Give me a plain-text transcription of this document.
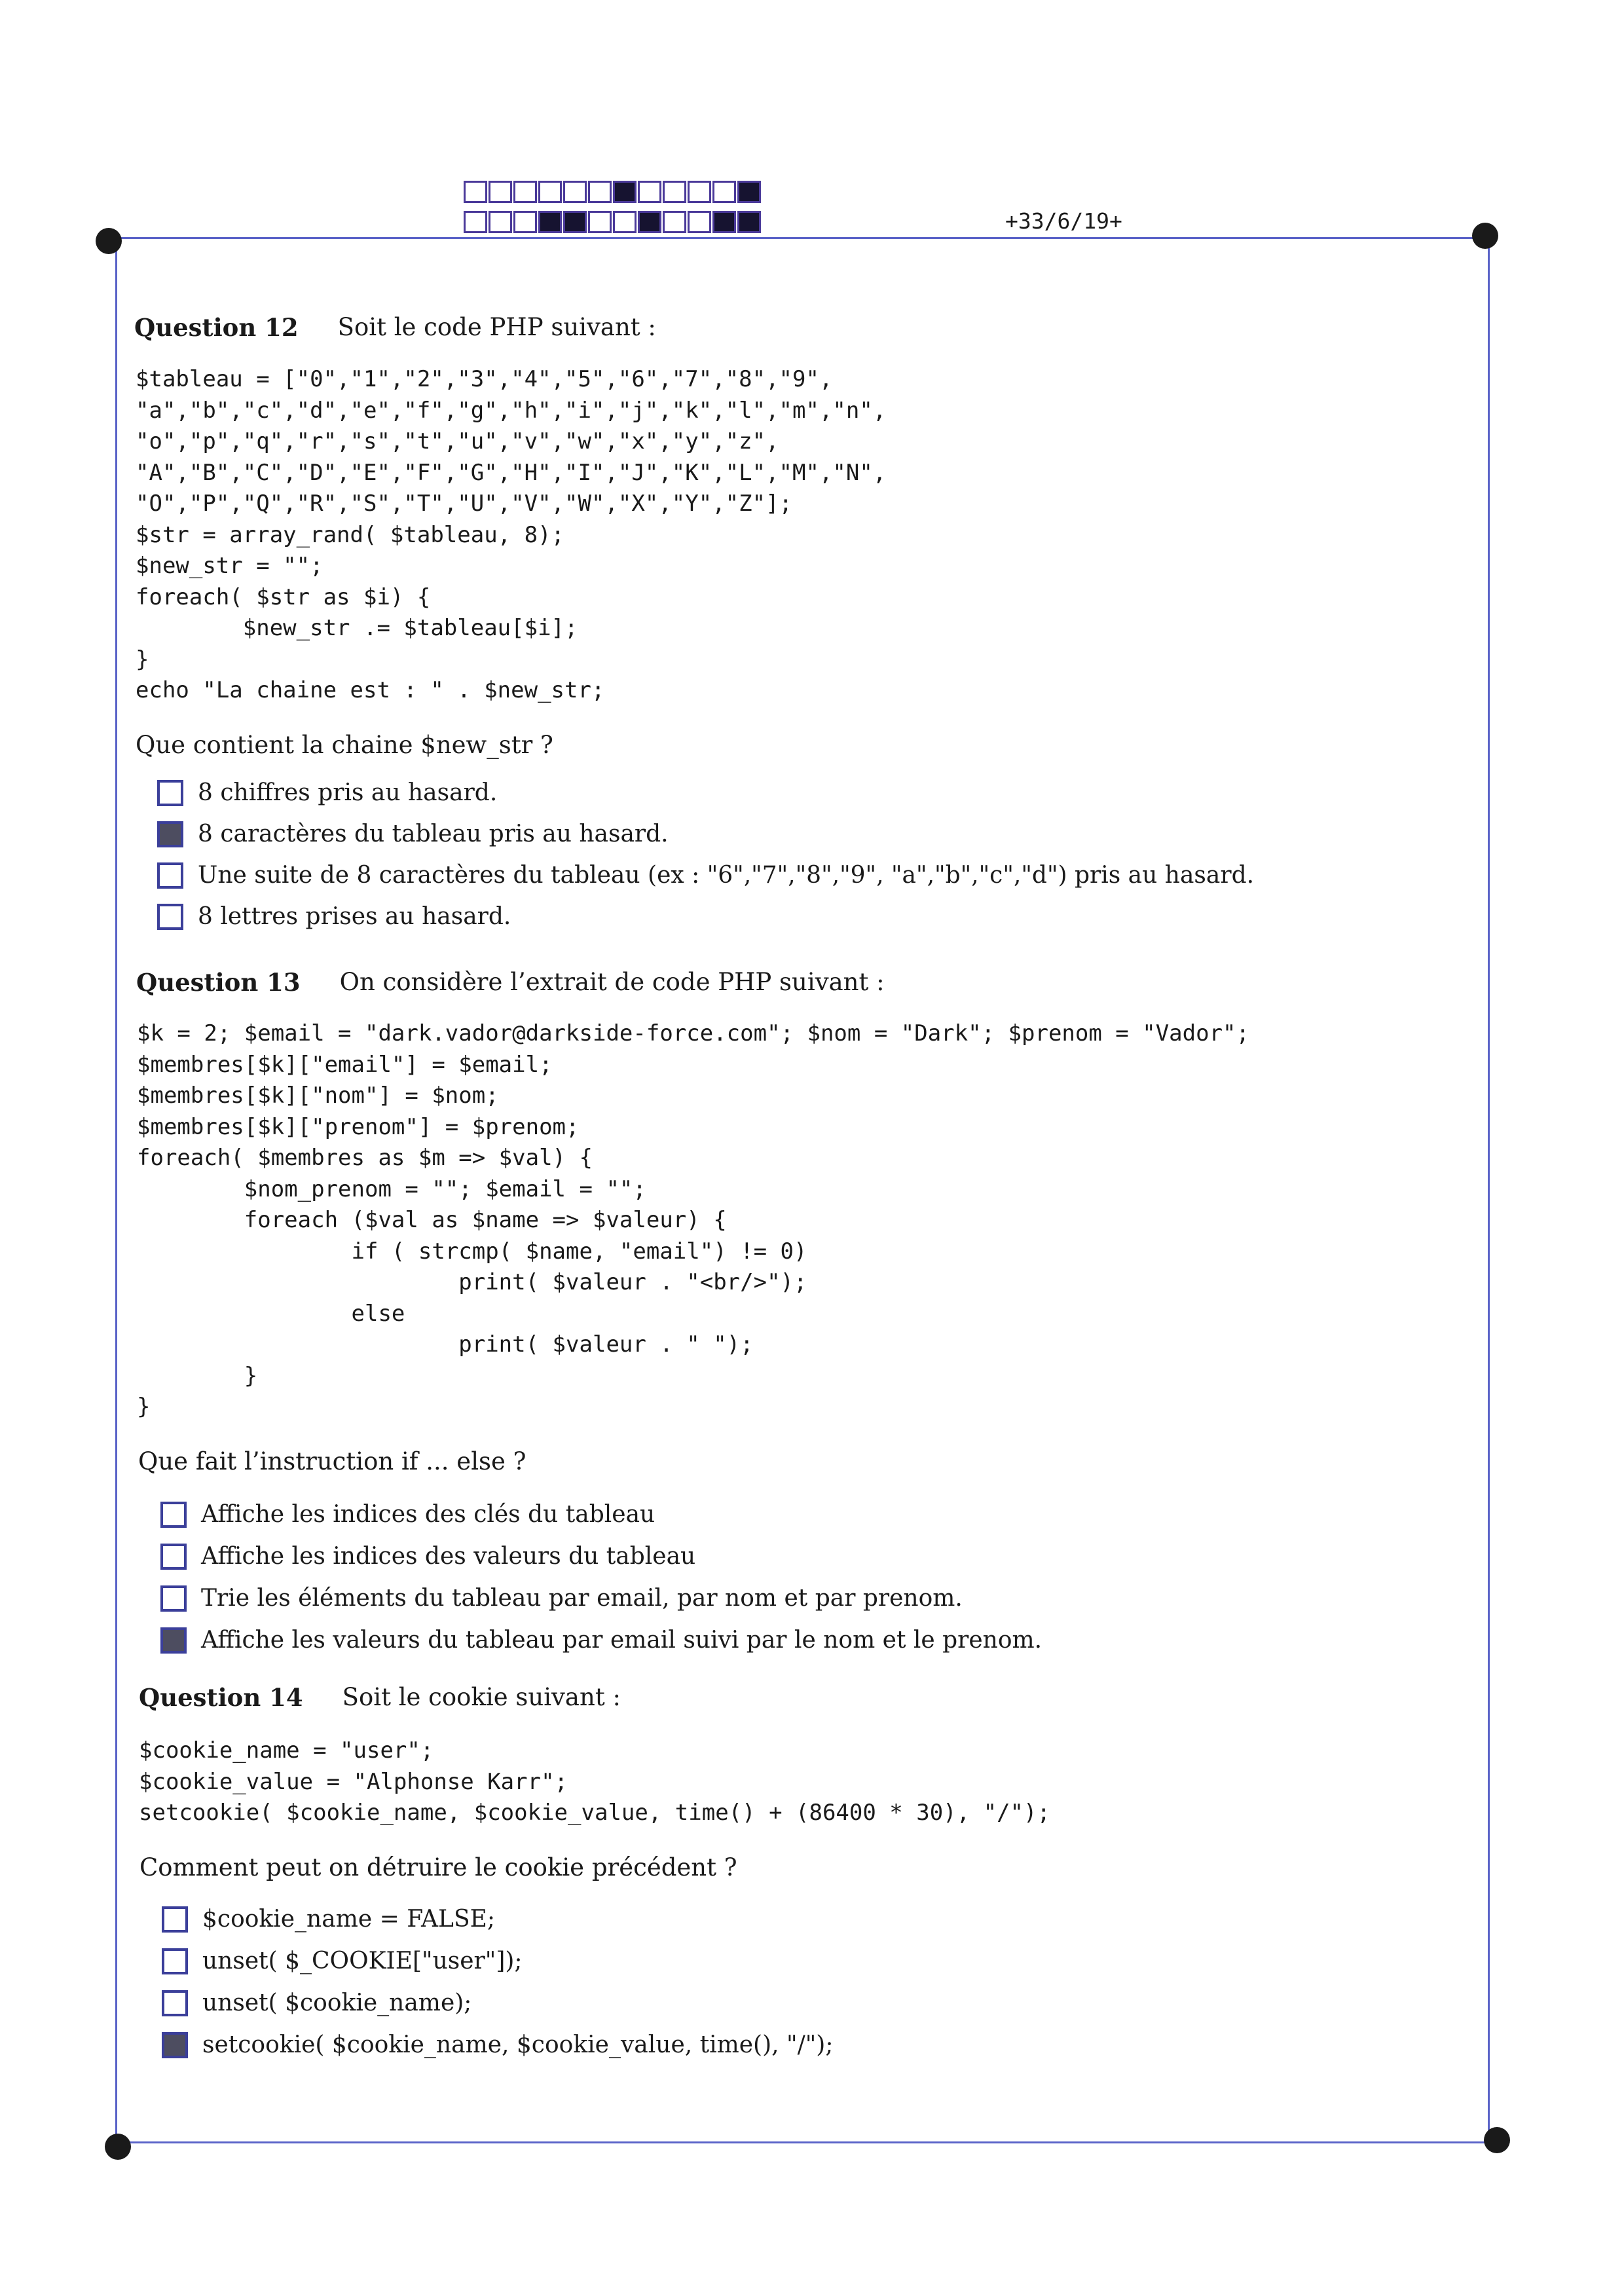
+33/6/19+
Question 12 Soit le code PHP suivant :
$tableau = ["0","1","2","3","4","5","6","7","8","9",
"a","b","c","d","e","f","g","h","i","j","k","l","m","n",
"o","p","q","r","s","t","u","v","w","x","y","z",
"A","B","C","D","E","F","G","H","I","J","K","L","M","N",
"O","P","Q","R","S","T","U","V","W","X","Y","Z"];
$str = array_rand( $tableau, 8);
$new_str = "";
foreach( $str as $i) {
$new_str .= $tableau[$i];
}
echo "La chaine est : " . $new_str;
Que contient la chaine $new_str ?
8 chiffres pris au hasard.
8 caractères du tableau pris au hasard.
Une suite de 8 caractères du tableau (ex : "6","7","8","9", "a","b","c","d") pris au hasard.
8 lettres prises au hasard.
Question 13 On considère l’extrait de code PHP suivant :
$k = 2; $email = "dark.vador@darkside-force.com"; $nom = "Dark"; $prenom = "Vador";
$membres[$k]["email"] = $email;
$membres[$k]["nom"] = $nom;
$membres[$k]["prenom"] = $prenom;
foreach( $membres as $m => $val) {
$nom_prenom = ""; $email = "";
foreach ($val as $name => $valeur) {
if ( strcmp( $name, "email") != 0)
print( $valeur . "<br/>");
else
print( $valeur . " ");
}
}
Que fait l’instruction if ... else ?
Affiche les indices des clés du tableau
Affiche les indices des valeurs du tableau
Trie les éléments du tableau par email, par nom et par prenom.
Affiche les valeurs du tableau par email suivi par le nom et le prenom.
Question 14 Soit le cookie suivant :
$cookie_name = "user";
$cookie_value = "Alphonse Karr";
setcookie( $cookie_name, $cookie_value, time() + (86400 * 30), "/");
Comment peut on détruire le cookie précédent ?
$cookie_name = FALSE;
unset( $_COOKIE["user"]);
unset( $cookie_name);
setcookie( $cookie_name, $cookie_value, time(), "/");
